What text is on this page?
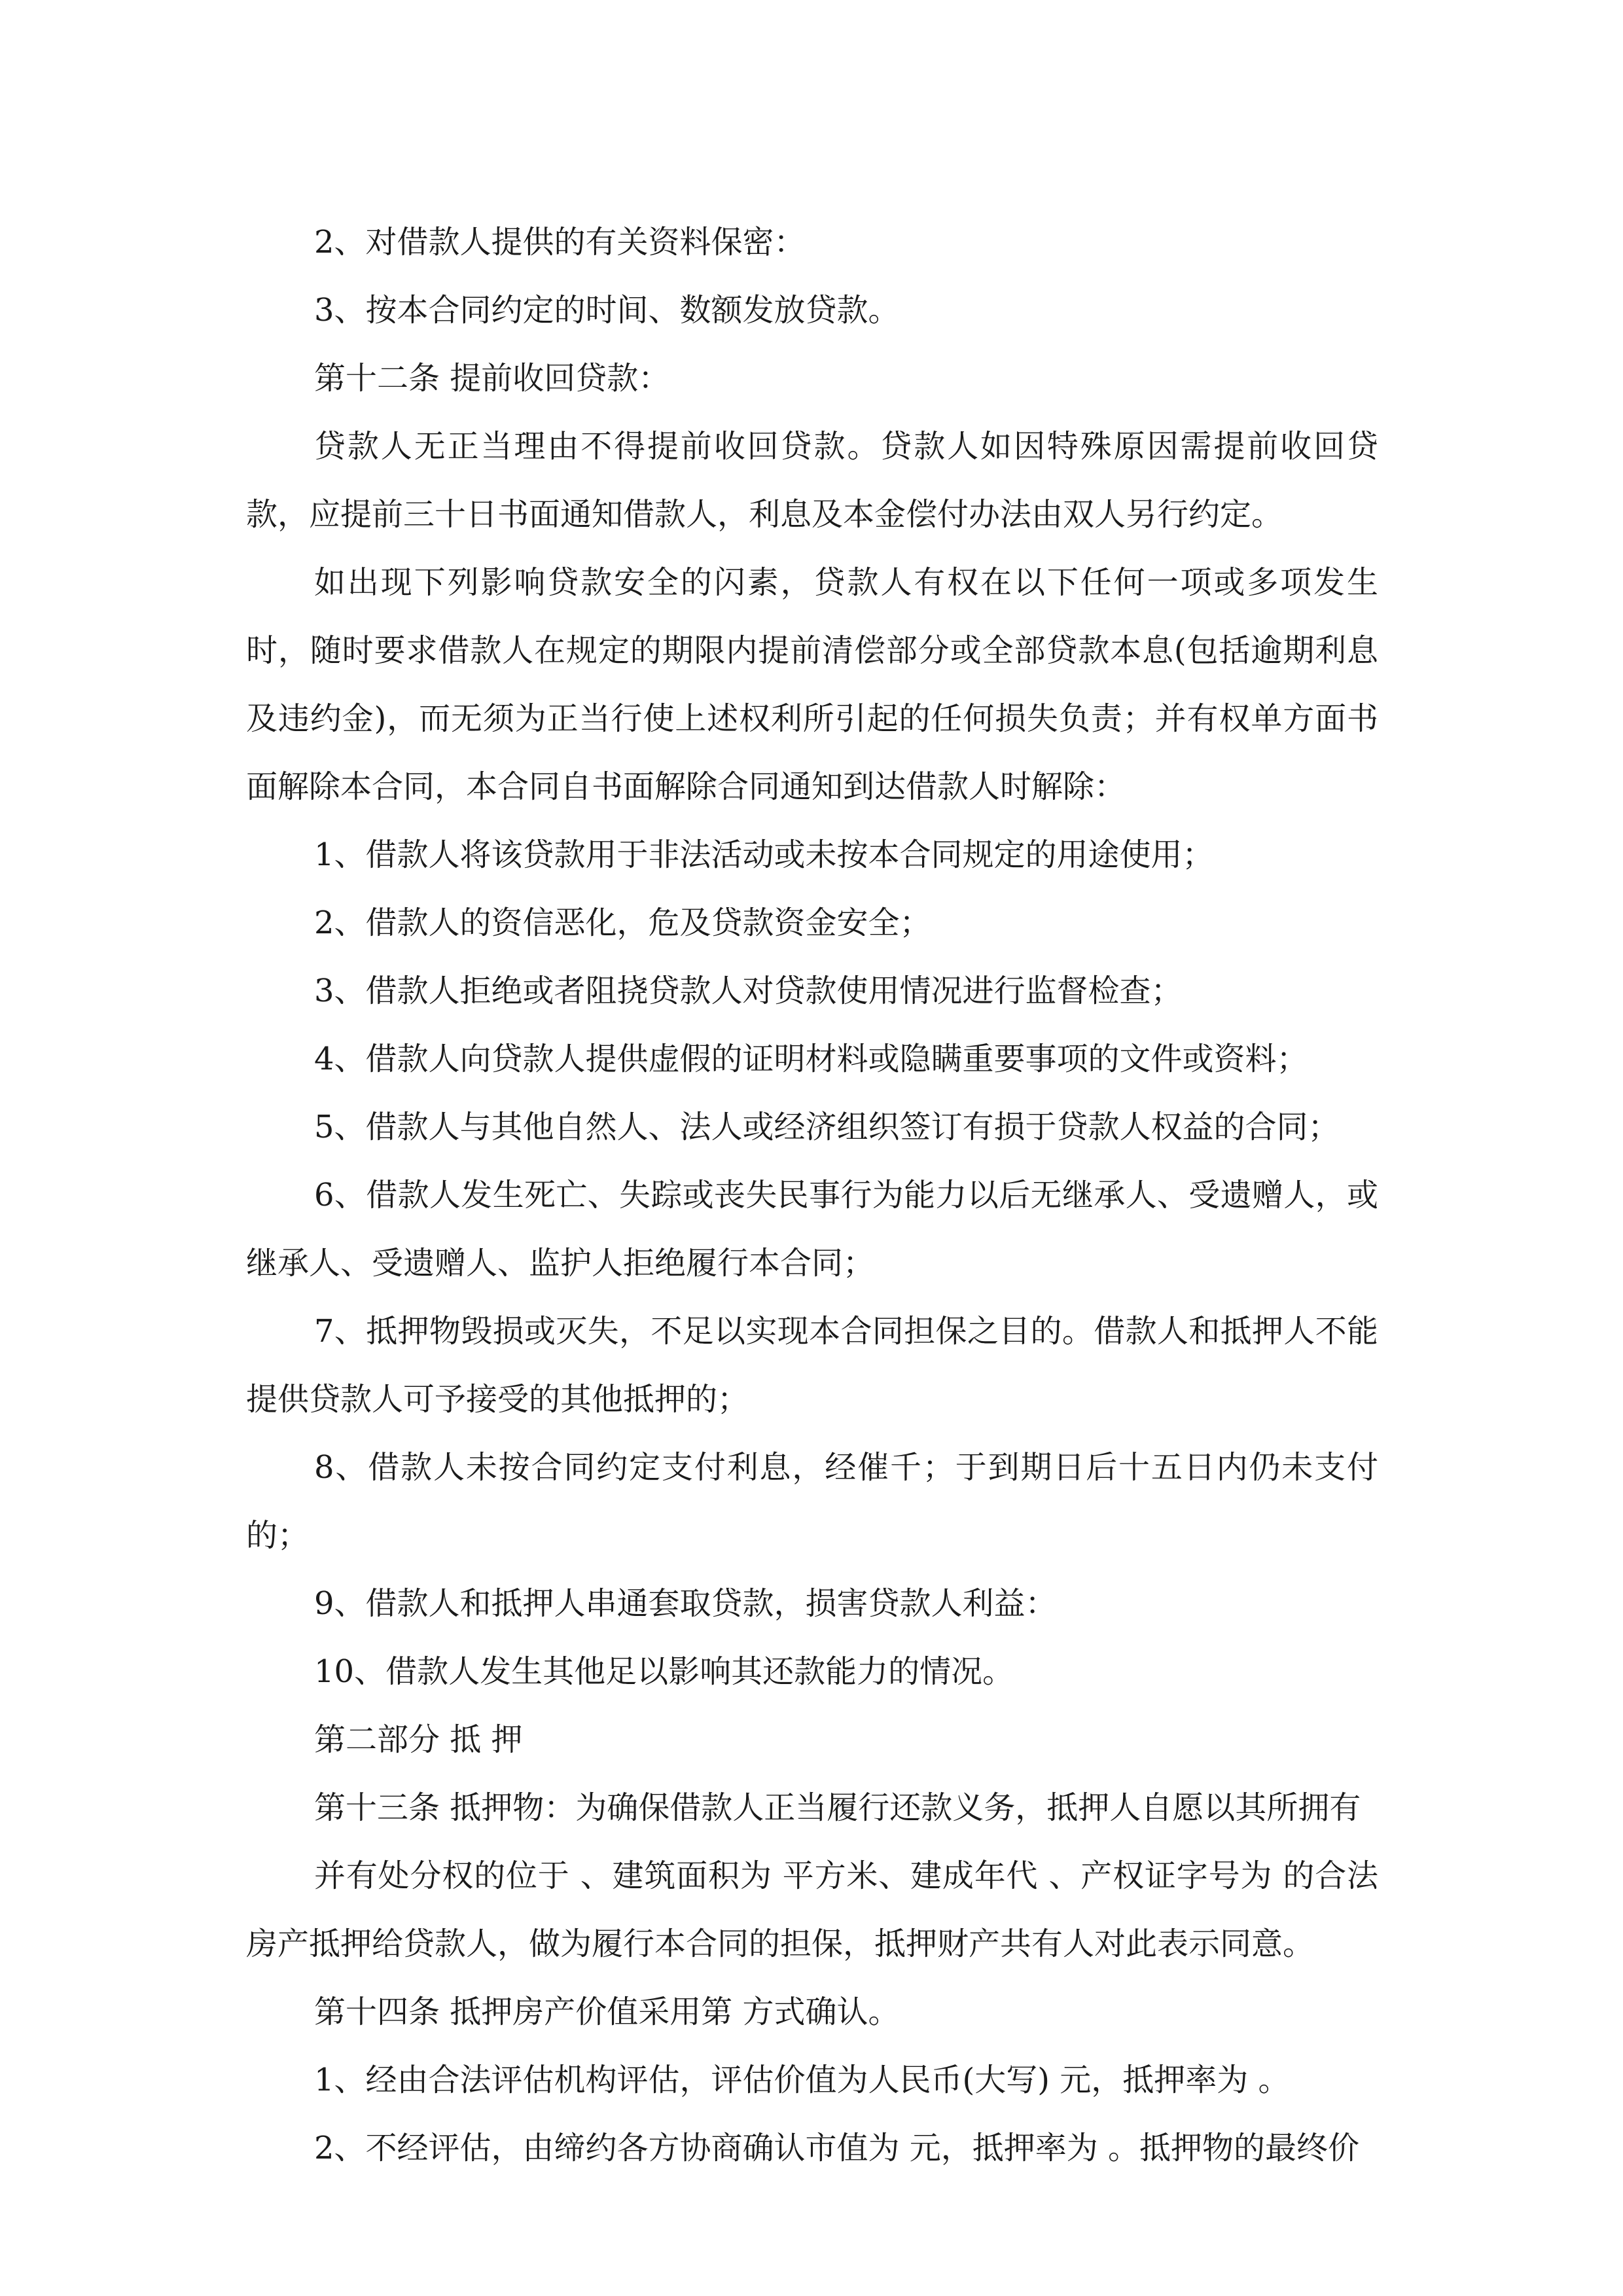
2、对借款人提供的有关资料保密：

3、按本合同约定的时间、数额发放贷款。

第十二条 提前收回贷款：

贷款人无正当理由不得提前收回贷款。贷款人如因特殊原因需提前收回贷款，应提前三十日书面通知借款人，利息及本金偿付办法由双人另行约定。

如出现下列影响贷款安全的闪素，贷款人有权在以下任何一项或多项发生时，随时要求借款人在规定的期限内提前清偿部分或全部贷款本息(包括逾期利息及违约金)，而无须为正当行使上述权利所引起的任何损失负责；并有权单方面书面解除本合同，本合同自书面解除合同通知到达借款人时解除：

1、借款人将该贷款用于非法活动或未按本合同规定的用途使用；

2、借款人的资信恶化，危及贷款资金安全；

3、借款人拒绝或者阻挠贷款人对贷款使用情况进行监督检查；

4、借款人向贷款人提供虚假的证明材料或隐瞒重要事项的文件或资料；

5、借款人与其他自然人、法人或经济组织签订有损于贷款人权益的合同；

6、借款人发生死亡、失踪或丧失民事行为能力以后无继承人、受遗赠人，或继承人、受遗赠人、监护人拒绝履行本合同；

7、抵押物毁损或灭失，不足以实现本合同担保之目的。借款人和抵押人不能提供贷款人可予接受的其他抵押的；

8、借款人未按合同约定支付利息，经催千；于到期日后十五日内仍未支付的；

9、借款人和抵押人串通套取贷款，损害贷款人利益：

10、借款人发生其他足以影响其还款能力的情况。

第二部分 抵 押

第十三条 抵押物：为确保借款人正当履行还款义务，抵押人自愿以其所拥有

并有处分权的位于 、建筑面积为 平方米、建成年代 、产权证字号为 的合法房产抵押给贷款人，做为履行本合同的担保，抵押财产共有人对此表示同意。

第十四条 抵押房产价值采用第 方式确认。

1、经由合法评估机构评估，评估价值为人民币(大写) 元，抵押率为 。

2、不经评估，由缔约各方协商确认市值为 元，抵押率为 。抵押物的最终价
